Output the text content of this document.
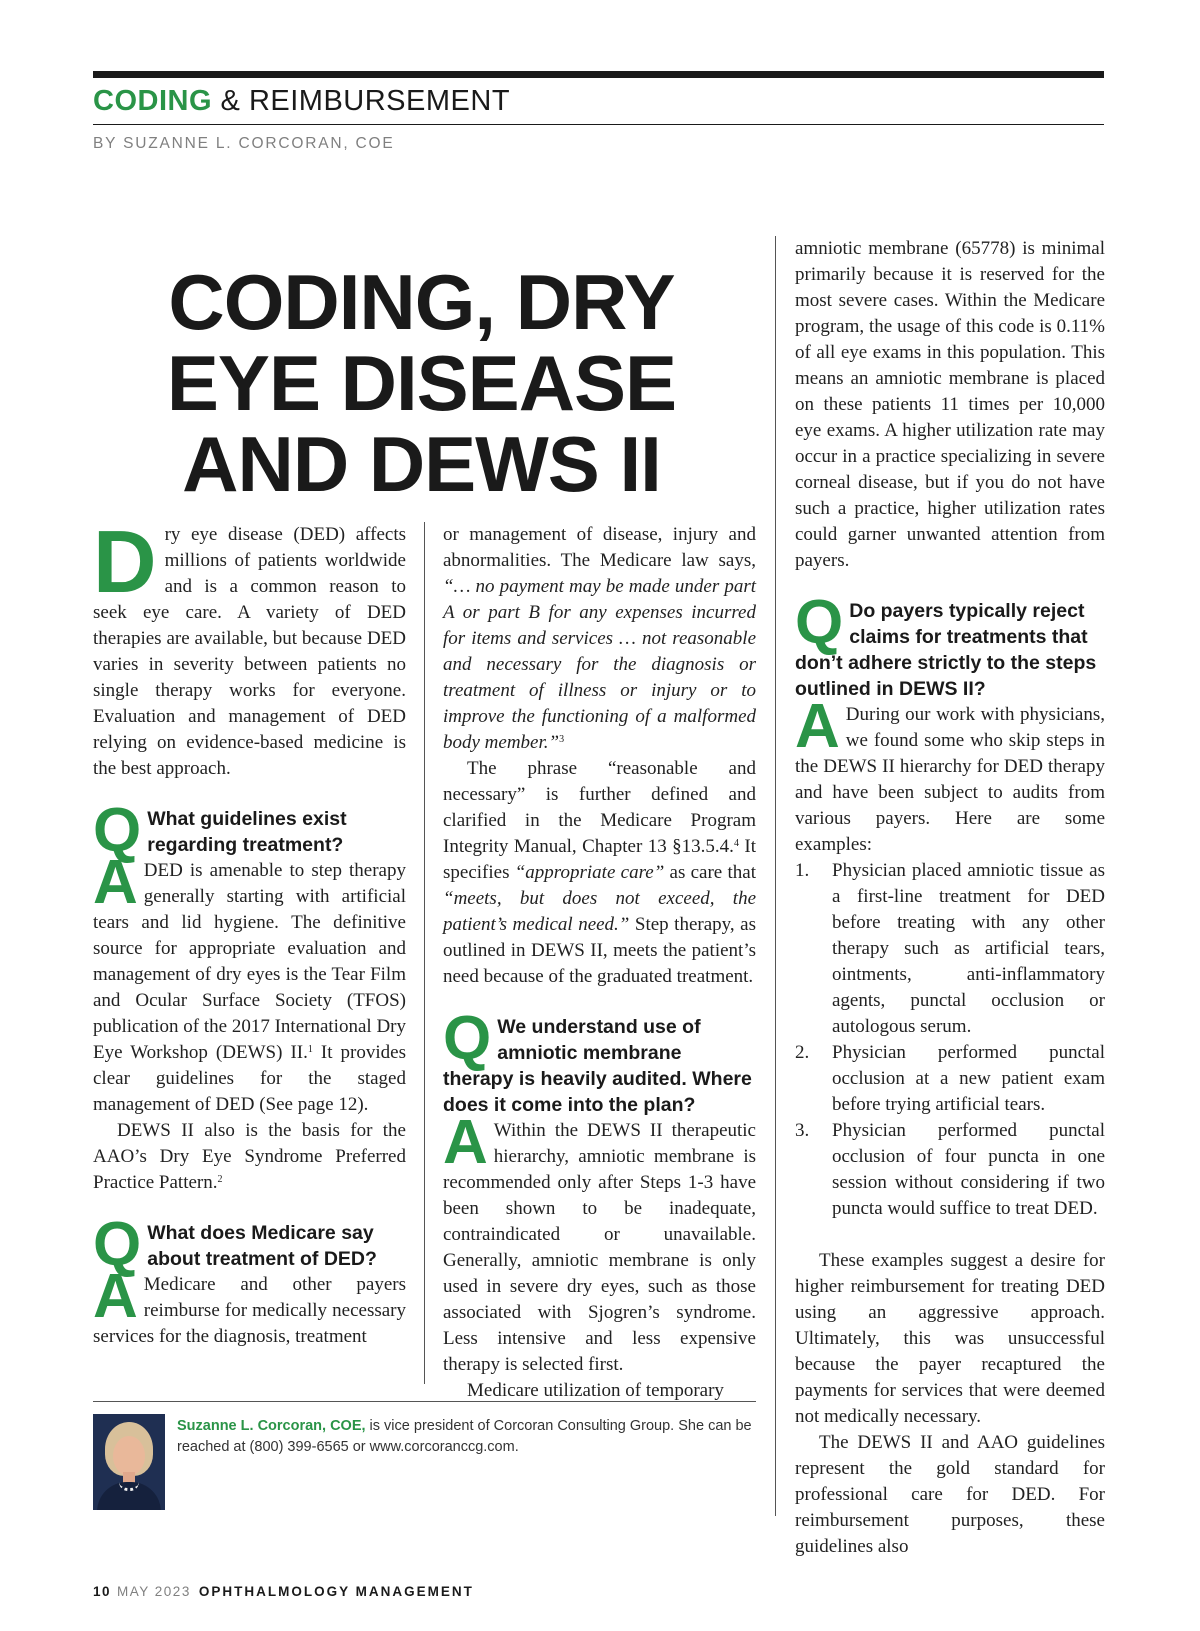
CODING & REIMBURSEMENT
BY SUZANNE L. CORCORAN, COE
CODING, DRY
EYE DISEASE
AND DEWS II

Dry eye disease (DED) affects millions of patients worldwide and is a common reason to seek eye care. A variety of DED therapies are available, but because DED varies in severity between patients no single therapy works for everyone. Evaluation and management of DED relying on evidence-based medicine is the best approach.

Q What guidelines exist regarding treatment?

ADED is amenable to step therapy generally starting with artificial tears and lid hygiene. The definitive source for appropriate evaluation and management of dry eyes is the Tear Film and Ocular Surface Society (TFOS) publication of the 2017 International Dry Eye Workshop (DEWS) II.$^1$ It provides clear guidelines for the staged management of DED (See page 12).

DEWS II also is the basis for the AAO’s Dry Eye Syndrome Preferred Practice Pattern.$^2$

Q What does Medicare say about treatment of DED?

A Medicare and other payers reimburse for medically necessary services for the diagnosis, treatment

or management of disease, injury and abnormalities. The Medicare law says, “… no payment may be made under part A or part B for any expenses incurred for items and services … not reasonable and necessary for the diagnosis or treatment of illness or injury or to improve the functioning of a malformed body member.”$^3$

The phrase “reasonable and necessary” is further defined and clarified in the Medicare Program Integrity Manual, Chapter 13 §13.5.4.$^4$ It specifies “appropriate care” as care that “meets, but does not exceed, the patient’s medical need.” Step therapy, as outlined in DEWS II, meets the patient’s need because of the graduated treatment.

Q We understand use of amniotic membrane therapy is heavily audited. Where does it come into the plan?

A Within the DEWS II therapeutic hierarchy, amniotic membrane is recommended only after Steps 1-3 have been shown to be inadequate, contraindicated or unavailable. Generally, amniotic membrane is only used in severe dry eyes, such as those associated with Sjogren’s syndrome. Less intensive and less expensive therapy is selected first.

Medicare utilization of temporary

amniotic membrane (65778) is minimal primarily because it is reserved for the most severe cases. Within the Medicare program, the usage of this code is 0.11% of all eye exams in this population. This means an amniotic membrane is placed on these patients 11 times per 10,000 eye exams. A higher utilization rate may occur in a practice specializing in severe corneal disease, but if you do not have such a practice, higher utilization rates could garner unwanted attention from payers.

Q Do payers typically reject claims for treatments that don’t adhere strictly to the steps outlined in DEWS II?

A During our work with physicians, we found some who skip steps in the DEWS II hierarchy for DED therapy and have been subject to audits from various payers. Here are some examples:

1. Physician placed amniotic tissue as a first-line treatment for DED before treating with any other therapy such as artificial tears, ointments, anti-inflammatory agents, punctal occlusion or autologous serum.
2. Physician performed punctal occlusion at a new patient exam before trying artificial tears.
3. Physician performed punctal occlusion of four puncta in one session without considering if two puncta would suffice to treat DED.

These examples suggest a desire for higher reimbursement for treating DED using an aggressive approach. Ultimately, this was unsuccessful because the payer recaptured the payments for services that were deemed not medically necessary.

The DEWS II and AAO guidelines represent the gold standard for professional care for DED. For reimbursement purposes, these guidelines also

Suzanne L. Corcoran, COE, is vice president of Corcoran Consulting Group. She can be reached at (800) 399-6565 or www.corcoranccg.com.
10 MAY 2023 OPHTHALMOLOGY MANAGEMENT
